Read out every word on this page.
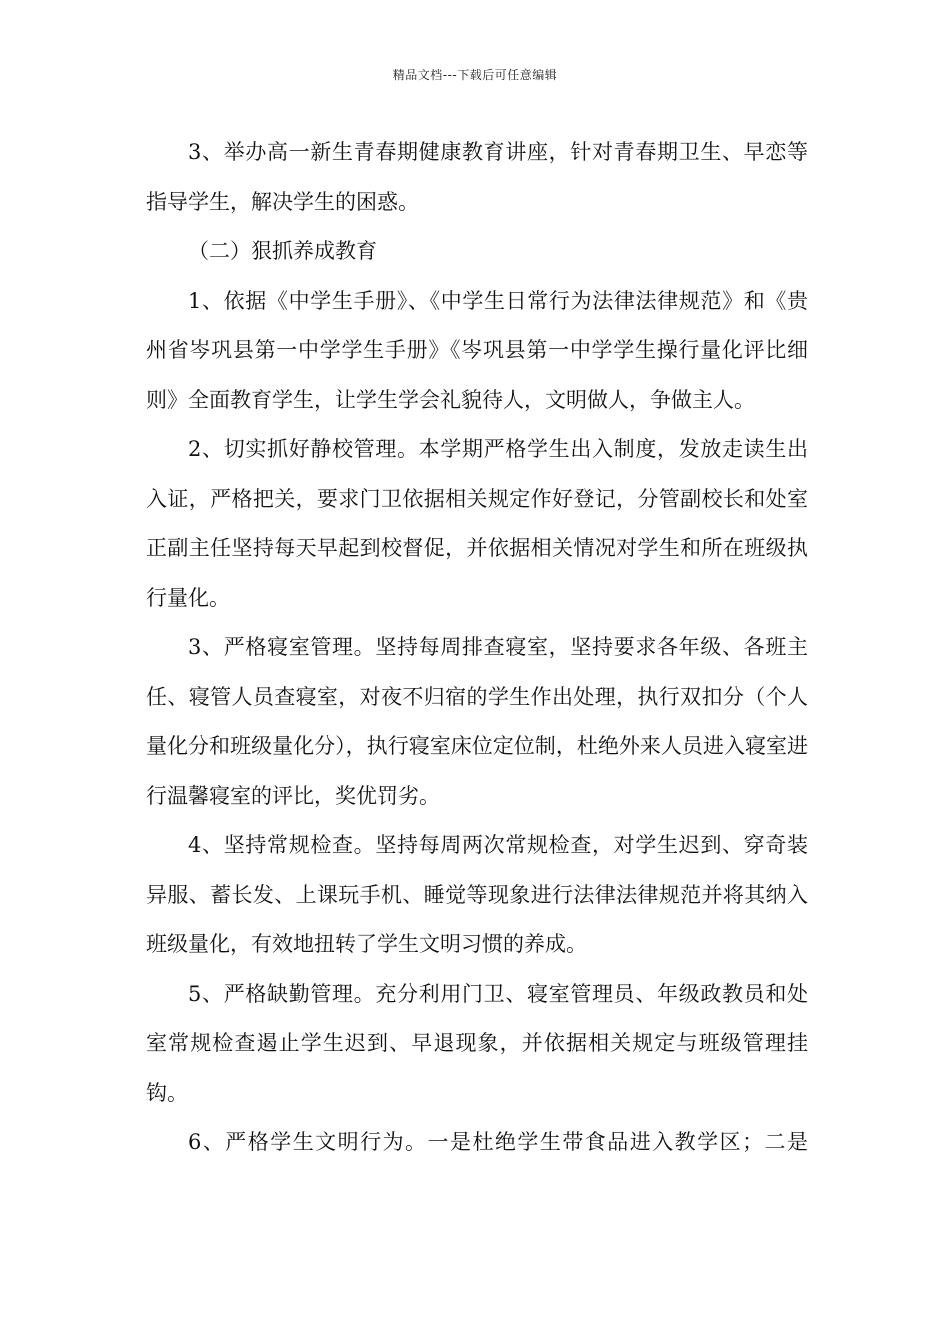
精品文档---下载后可任意编辑

3、举办高一新生青春期健康教育讲座，针对青春期卫生、早恋等指导学生，解决学生的困惑。

（二）狠抓养成教育

1、依据《中学生手册》、《中学生日常行为法律法律规范》和《贵州省岑巩县第一中学学生手册》《岑巩县第一中学学生操行量化评比细则》全面教育学生，让学生学会礼貌待人，文明做人，争做主人。

2、切实抓好静校管理。本学期严格学生出入制度，发放走读生出入证，严格把关，要求门卫依据相关规定作好登记，分管副校长和处室正副主任坚持每天早起到校督促，并依据相关情况对学生和所在班级执行量化。

3、严格寝室管理。坚持每周排查寝室，坚持要求各年级、各班主任、寝管人员查寝室，对夜不归宿的学生作出处理，执行双扣分（个人量化分和班级量化分），执行寝室床位定位制，杜绝外来人员进入寝室进行温馨寝室的评比，奖优罚劣。

4、坚持常规检查。坚持每周两次常规检查，对学生迟到、穿奇装异服、蓄长发、上课玩手机、睡觉等现象进行法律法律规范并将其纳入班级量化，有效地扭转了学生文明习惯的养成。

5、严格缺勤管理。充分利用门卫、寝室管理员、年级政教员和处室常规检查遏止学生迟到、早退现象，并依据相关规定与班级管理挂钩。

6、严格学生文明行为。一是杜绝学生带食品进入教学区；二是
